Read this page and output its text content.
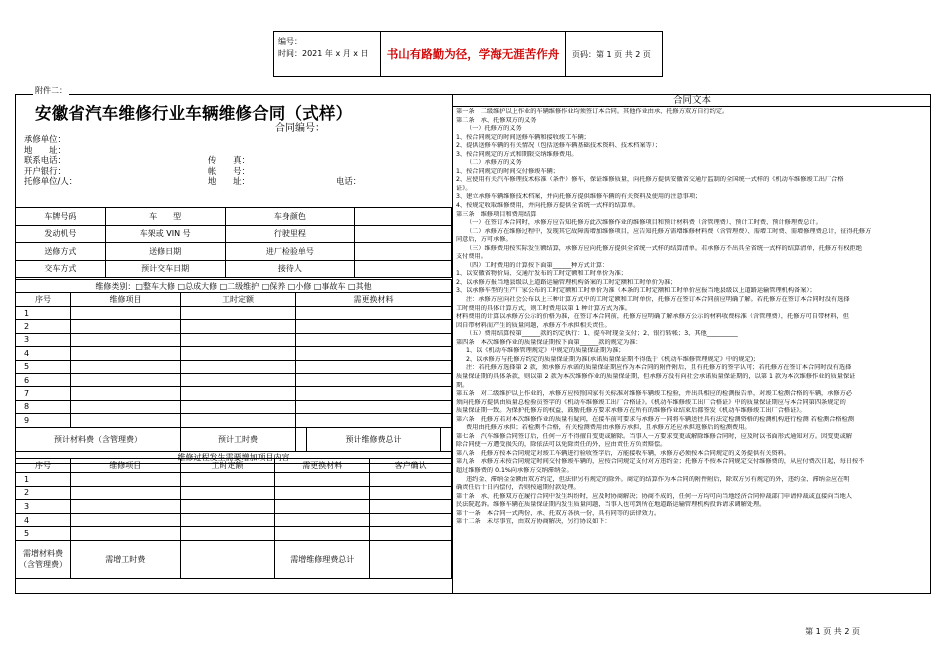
编号：
时间：2021 年 x 月 x 日	书山有路勤为径，学海无涯苦作舟	页码：第 1 页 共 2 页
附件二：
安徽省汽车维修行业车辆维修合同（式样）
合同编号：
承修单位：
地　　址：
联系电话：	传　　真：
开户银行：	帐　　号：
托修单位/人：	地　　址：	电话：
车牌号码	车　　型	车身颜色	
发动机号	车架或 VIN 号	行驶里程	
送修方式	送修日期	进厂检验单号	
交车方式	预计交车日期	接待人	
维修类别：□整车大修 □总成大修 □二级维护 □保养 □小修 □事故车 □其他					
序号	维修项目	工时定额	需更换材料		
1					
2					
3					
4					
5					
6					
7					
8					
9					
预计材料费（含管理费）		预计工时费		预计维修费总计	
维修过程发生需要增加项目内容					
序号	维修项目	工时定额	需更换材料	客户确认
1				
2				
3				
4				
5				
需增材料费（含管理费）	需增工时费		需增维修理费总计	
合同文本

第一条　二级维护以上作业的车辆维修作业均须签订本合同。其他作业由承、托修方双方自行约定。

第二条　承、托修双方的义务

（一）托修方的义务

1、按合同规定的时间送修车辆和接收竣工车辆；

2、提供送修车辆的有关情况（包括送修车辆基础技术资料、技术档案等）；

3、按合同规定的方式和期限交纳维修费用。

（二）承修方的义务

1、按合同规定的时间交付修竣车辆；

2、应使用有关汽车修理技术标准（条件）修车，保证维修质量，向托修方提供安徽省交通厅监制的全国统一式样的《机动车维修竣工出厂合格

证》。

3、建立承修车辆维修技术档案，并向托修方提供维修车辆的有关资料及使用的注意事项；

4、按规定收取维修费用，并向托修方提供全省统一式样的结算单。

第三条　维修项目和费用结算

（一）在签订本合同时，承修方应告知托修方此次维修作业的维修项目和预计材料费（含管理费）、预计工时费、预计修理费总计。

（二）承修方在维修过程中，发现其它故障需增加维修项目，应告知托修方需增维修材料费（含管理费）、需增工时费、需增修理费总计，征得托修方

同意后，方可承修。

（三）维修费用按实际发生额结算，承修方应向托修方提供全省统一式样的结算清单。若承修方不出具全省统一式样的结算清单，托修方有权拒绝

支付费用。

（四）工时费用的计算按下面第______种方式计算：

1、以安徽省物价局、交通厅发布的工时定额和工时单价为准；

2、以承修方报当地县级以上道路运输管理机构备案的工时定额和工时单价为准；

3、以承修车型的生产厂家公布的工时定额和工时单价为准（本条的工时定额和工时单价应报当地县级以上道路运输管理机构备案）；

注：承修方应向社会公布以上三种计算方式中的工时定额和工时单价，托修方在签订本合同前应明确了解。若托修方在签订本合同时没有选择

工时费用的具体计算方式，则工时费用以第 1 种计算方式为准。

材料费用的计算以承修方公示的价格为准，在签订本合同前，托修方应明确了解承修方公示的材料收费标准（含管理费），托修方可自带材料，但

因自带材料而产生的质量问题，承修方不承担相关责任。

（五）费用结算按第______款的约定执行：1、提车时现金支付；2、银行转帐；3、其他__________

第四条　本次维修作业的质量保证期按下面第______款的规定为准：

1、以《机动车维修管理规定》中规定的质量保证期为准；

2、以承修方与托修方约定的质量保证期为准(承诺质量保证期不得低于《机动车维修管理规定》中的规定);

注：若托修方选择第 2 款，须承修方承诺的质量保证期应作为本合同的附件附后，且有托修方的签字认可；若托修方在签订本合同时没有选择

质量保证期的具体条款，则以第 2 款为本次维修作业的质量保证期，但承修方没有向社会承诺质量保证期的，以第 1 款为本次维修作业的质量保证

期。

第五条　对二级维护以上作业的，承修方应按照国家有关标准对维修车辆竣工检验，并出具相应的检测报告单，对竣工检测合格的车辆，承修方必

须向托修方提供由质量总检验员签字的《机动车维修竣工出厂合格证》。《机动车维修竣工出厂合格证》中的质量保证期应与本合同第四条规定的

质量保证期一致。为保护托修方的权益，鼓励托修方要求承修方在所有的维修作业结束后都签发《机动车维修竣工出厂合格证》。

第六条　托修方若对本次维修作业的质量有疑问，在接车前可要求与承修方一同将车辆送往具有法定检测资格的检测机构进行检测 若检测合格检测

费用由托修方承担；若检测不合格，有关检测费用由承修方承担，且承修方还应承担返修后的检测费用。

第七条　汽车维修合同签订后，任何一方不得擅自变更或解除。当事人一方要求变更或解除维修合同时，应及时以书面形式通知对方。因变更或解

除合同使一方遭受损失的，除依法可以免除责任的外，应由责任方负责赔偿。

第八条　托修方按本合同规定对竣工车辆进行验收签字后，方能接收车辆，承修方必须按本合同规定的义务提供有关资料。

第九条　承修方未按合同规定时间交付修竣车辆的，应按合同规定支付对方违约金；托修方不按本合同规定交付维修费的，从应付费次日起，每日按不

超过维修费的 0.1%向承修方交纳滞纳金。

违约金、滞纳金金额由双方约定，但法律另有规定的除外。商定的结算作为本合同的附件附后，除双方另有规定的外，违约金、滞纳金应在明

确责任后十日内偿付，否则按逾期付款处理。

第十条　承、托修双方在履行合同中发生纠纷时，应及时协商解决；协商不成的，任何一方均可向当地经济合同仲裁部门申请仲裁或直接向当地人

民法院起诉。维修车辆在质量保证期内发生质量问题，当事人也可到所在地道路运输管理机构投诉请求调解处理。

第十一条　本合同一式两份，承、托双方各执一份，具有同等的法律效力。

第十二条　未尽事宜，由双方协商解决，另行协议如下：

第 1 页 共 2 页
